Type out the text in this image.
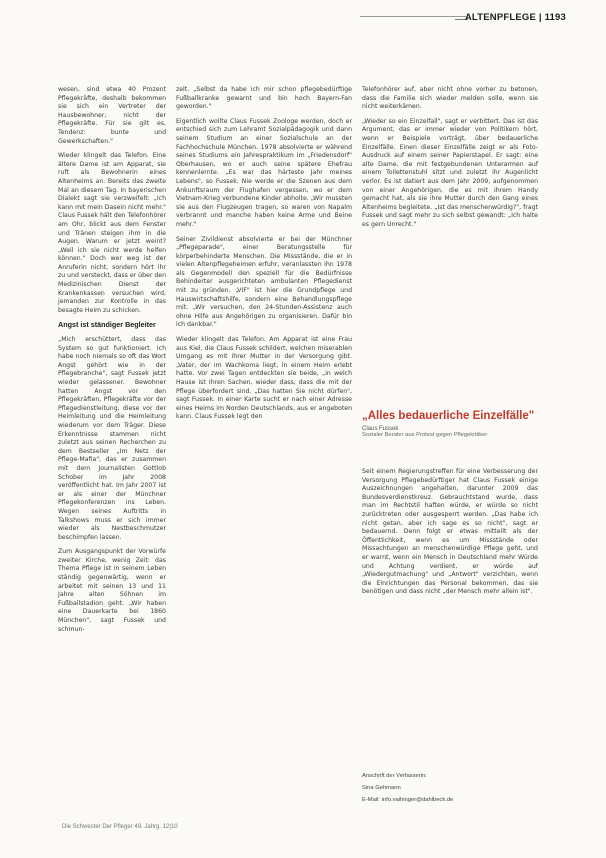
ALTENPFLEGE | 1193

wesen, sind etwa 40 Prozent Pflegekräfte, deshalb bekommen sie sich ein Vertreter der Hausbewohner, nicht der Pflegekräfte. Für sie gilt es, Tendenz: bunte und Gewerkschaften."

Wieder klingelt das Telefon. Eine ältere Dame ist am Apparat, sie ruft als Bewohnerin eines Altenheims an. Bereits das zweite Mal an diesem Tag. In bayerischen Dialekt sagt sie verzweifelt: „Ich kann mit mein Dasein nicht mehr." Claus Fussek hält den Telefonhörer am Ohr, blickt aus dem Fenster und Tränen steigen ihm in die Augen. Warum er jetzt weint? „Weil ich sie nicht werde helfen können." Doch wer weg ist der Anruferin nicht, sondern hört ihr zu und versteckt, dass er über den Medizinischen Dienst der Krankenkassen versuchen wird, jemanden zur Kontrolle in das besagte Heim zu schicken.

Angst ist ständiger Begleiter

„Mich erschüttert, dass das System so gut funktioniert. Ich habe noch niemals so oft das Wort Angst gehört wie in der Pflegebranche", sagt Fussek jetzt wieder gelassener. Bewohner hatten Angst vor den Pflegekräften, Pflegekräfte vor der Pflegedienstleitung, diese vor der Heimleitung und die Heimleitung wiederum vor dem Träger. Diese Erkenntnisse stammen nicht zuletzt aus seinen Recherchen zu dem Bestseller „Im Netz der Pflege-Mafia", das er zusammen mit dem Journalisten Gottlob Schober im Jahr 2008 veröffentlicht hat. Im Jahr 2007 ist er als einer der Münchner Pflegekonferenzen ins Leben. Wegen seines Auftritts in Talkshows muss er sich immer wieder als Nestbeschmutzer beschimpfen lassen.

Zum Ausgangspunkt der Vorwürfe zweiter Kirche, wenig Zeit: das Thema Pflege ist in seinem Leben ständig gegenwärtig, wenn er arbeitet mit seinen 13 und 11 Jahre alten Söhnen im Fußballstadion geht. „Wir haben eine Dauerkarte bei 1860 München", sagt Fussek und schmun-

zelt. „Selbst da habe ich mir schon pflegebedürftige Fußballkranke gewarnt und bin hoch Bayern-Fan geworden."

Eigentlich wollte Claus Fussek Zoologe werden, doch er entschied sich zum Lehramt Sozialpädagogik und dann seinem Studium an einer Sozialschule an der Fachhochschule München. 1978 absolvierte er während seines Studiums ein Jahrespraktikum im „Friedensdorf" Oberhausen, wo er auch seine spätere Ehefrau kennenlernte. „Es war das härteste Jahr meines Lebens", so Fussek. Nie werde er die Szenen aus dem Ankunftsraum der Flughafen vergessen, wo er dem Vietnam-Krieg verbundene Kinder abholte. „Wir mussten sie aus den Flugzeugen tragen, so waren von Napalm verbrannt und manche haben keine Arme und Beine mehr."

Seiner Zivildienst absolvierte er bei der Münchner „Pflegeparade", einer Beratungsstelle für körperbehinderte Menschen. Die Missstände, die er in vielen Altenpflegeheimen erfuhr, veranlassten ihn 1978 als Gegenmodell den speziell für die Bedürfnisse Behinderter ausgerichteten ambulanten Pflegedienst mit zu gründen. „VIF" ist hier die Grundpflege und Hauswirtschaftshilfe, sondern eine Behandlungspflege mit. „Wir versuchen, den 24-Stunden-Assistenz auch ohne Hilfe aus Angehörigen zu organisieren. Dafür bin ich dankbar."

Wieder klingelt das Telefon. Am Apparat ist eine Frau aus Kiel, die Claus Fussek schildert, welchen miserablen Umgang es mit ihrer Mutter in der Versorgung gibt. „Vater, der im Wachkoma liegt, in einem Heim erlebt hatte. Vor zwei Tagen entdeckten sie beide, „in welch Hause ist Ihren Sachen, wieder dass, dass die mit der Pflege überfordert sind. „Das hatten Sie nicht dürfen", sagt Fussek. In einer Karte sucht er nach einer Adresse eines Heims im Norden Deutschlands, aus er angeboten kann. Claus Fussek legt den

Telefonhörer auf, aber nicht ohne vorher zu betonen, dass die Familie sich wieder melden solle, wenn sie nicht weiterkämen.

„Wieder so ein Einzelfall", sagt er verbittert. Das ist das Argument, das er immer wieder von Politikern hört, wenn er Beispiele vorträgt, über bedauerliche Einzelfälle. Einen dieser Einzelfälle zeigt er als Foto-Ausdruck auf einem seiner Papierstapel. Er sagt: eine alte Dame, die mit festgebundenen Unterarmen auf einem Toilettenstuhl sitzt und zuletzt ihr Augenlicht verlor. Es ist datiert aus dem Jahr 2009, aufgenommen von einer Angehörigen, die es mit ihrem Handy gemacht hat, als sie ihre Mutter durch den Gang eines Altenheims begleitete. „Ist das menschenwürdig?", fragt Fussek und sagt mehr zu sich selbst gewandt: „Ich halte es gern Unrecht."

„Alles bedauerliche Einzelfälle"

Claus Fussek

Sozialer Berater aus Protest gegen Pflegekritiker

Seit einem Regierungstreffen für eine Verbesserung der Versorgung Pflegebedürftiger hat Claus Fussek einige Auszeichnungen angehalten, darunter 2009 das Bundesverdienstkreuz. Gebrauchtstand wurde, dass man im Rechtstil haften würde, er würde so nicht zurücktreten oder ausgesperrt werden. „Das habe ich nicht getan, aber ich sage es so nicht", sagt er bedauernd. Denn folgt er etwas mitteilt als der Öffentlichkeit, wenn es um Missstände oder Missachtungen an menschenwürdige Pflege geht, und er warnt, wenn ein Mensch in Deutschland mehr Würde und Achtung verdient, er würde auf „Wiedergutmachung" und „Antwort" verzichten, wenn die Einrichtungen das Personal bekommen, das sie benötigen und dass nicht „der Mensch mehr allein ist".

Anschrift der Verfasserin:

Sina Gehmann

E-Mail: info.vaihinger@dahlbeck.de

Die Schwester Der Pfleger 49. Jahrg. 12|10
